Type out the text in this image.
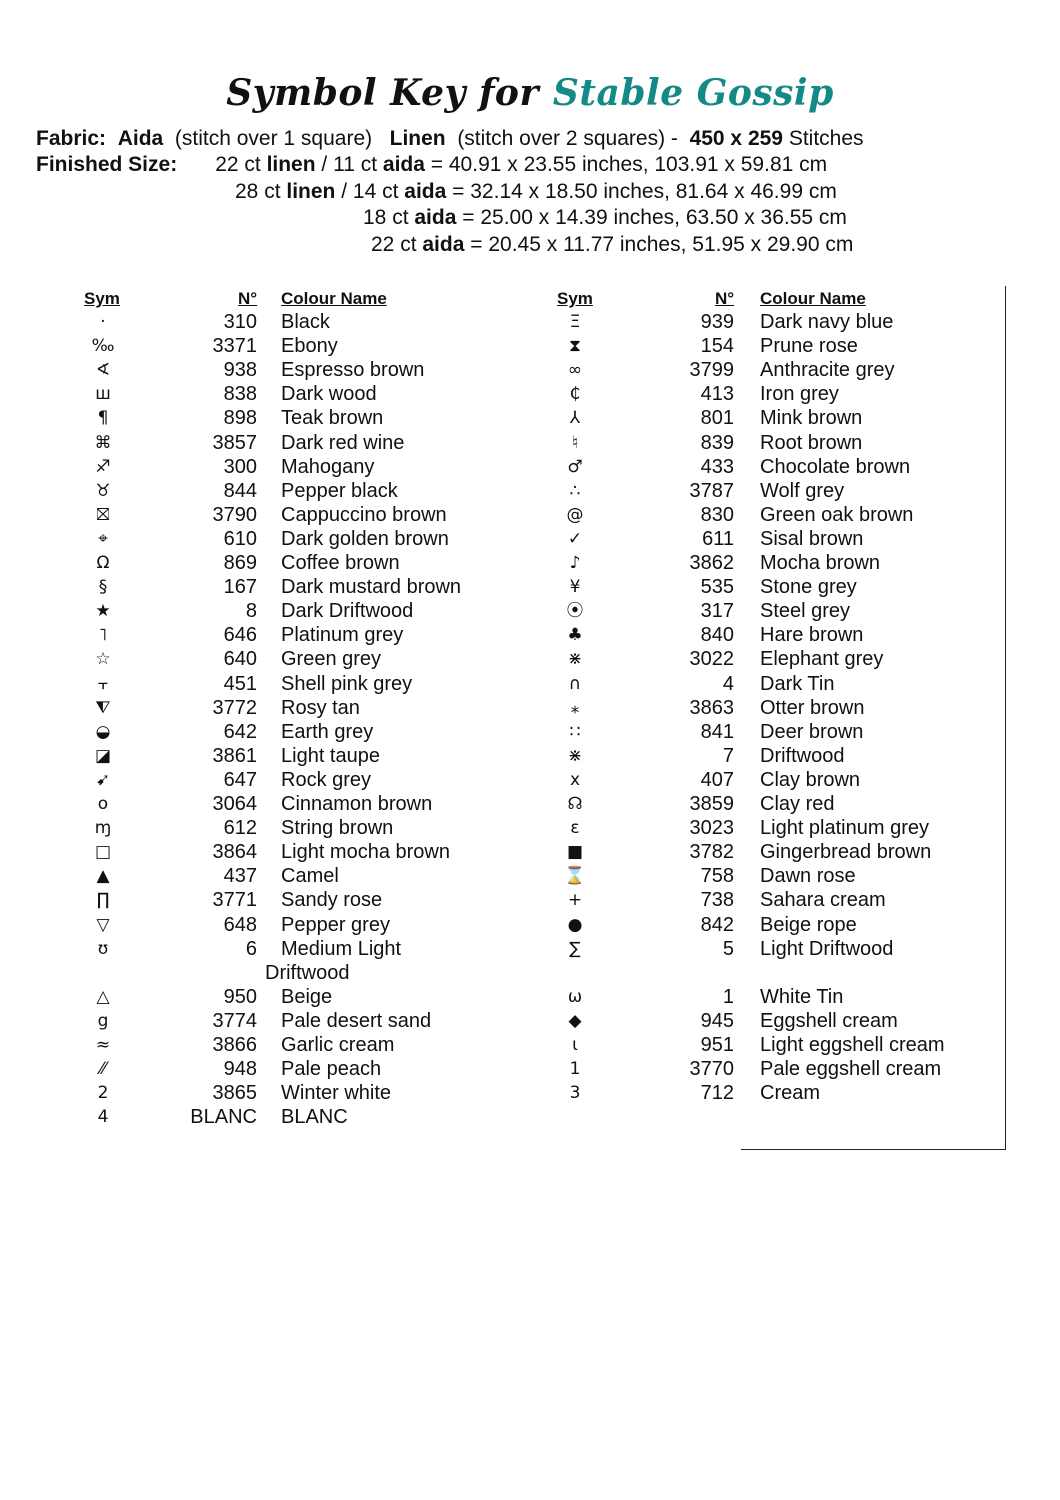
Symbol Key for Stable Gossip
Fabric: Aida (stitch over 1 square) Linen (stitch over 2 squares) - 450 x 259 Stitches
Finished Size: 22 ct linen / 11 ct aida = 40.91 x 23.55 inches, 103.91 x 59.81 cm
28 ct linen / 14 ct aida = 32.14 x 18.50 inches, 81.64 x 46.99 cm
18 ct aida = 25.00 x 14.39 inches, 63.50 x 36.55 cm
22 ct aida = 20.45 x 11.77 inches, 51.95 x 29.90 cm
Sym	N° Colour Name	Sym	N° Colour Name
·	310 Black
‰	3371 Ebony
∢	938 Espresso brown
ш	838 Dark wood
¶	898 Teak brown
⌘	3857 Dark red wine
♐	300 Mahogany
♉	844 Pepper black
⛝	3790 Cappuccino brown
⌖	610 Dark golden brown
Ω	869 Coffee brown
§	167 Dark mustard brown
★	8 Dark Driftwood
˥	646 Platinum grey
☆	640 Green grey
⫟	451 Shell pink grey
⧨	3772 Rosy tan
◒	642 Earth grey
◪	3861 Light taupe
➹	647 Rock grey
o	3064 Cinnamon brown
ɱ	612 String brown
□	3864 Light mocha brown
▲	437 Camel
∏	3771 Sandy rose
▽	648 Pepper grey
ʊ	6 Medium Light
Driftwood
△	950 Beige
g	3774 Pale desert sand
≈	3866 Garlic cream
⁄⁄	948 Pale peach
2	3865 Winter white
4	BLANC BLANC
Ξ	939 Dark navy blue
⧗	154 Prune rose
∞	3799 Anthracite grey
₵	413 Iron grey
⅄	801 Mink brown
♮	839 Root brown
♂	433 Chocolate brown
∴	3787 Wolf grey
@	830 Green oak brown
✓	611 Sisal brown
♪	3862 Mocha brown
¥	535 Stone grey
⦿	317 Steel grey
♣	840 Hare brown
⋇	3022 Elephant grey
∩	4 Dark Tin
⁎	3863 Otter brown
∷	841 Deer brown
⋇	7 Driftwood
x	407 Clay brown
☊	3859 Clay red
ɛ	3023 Light platinum grey
■	3782 Gingerbread brown
⌛	758 Dawn rose
+	738 Sahara cream
●	842 Beige rope
∑	5 Light Driftwood
ω	1 White Tin
◆	945 Eggshell cream
ɩ	951 Light eggshell cream
1	3770 Pale eggshell cream
3	712 Cream
